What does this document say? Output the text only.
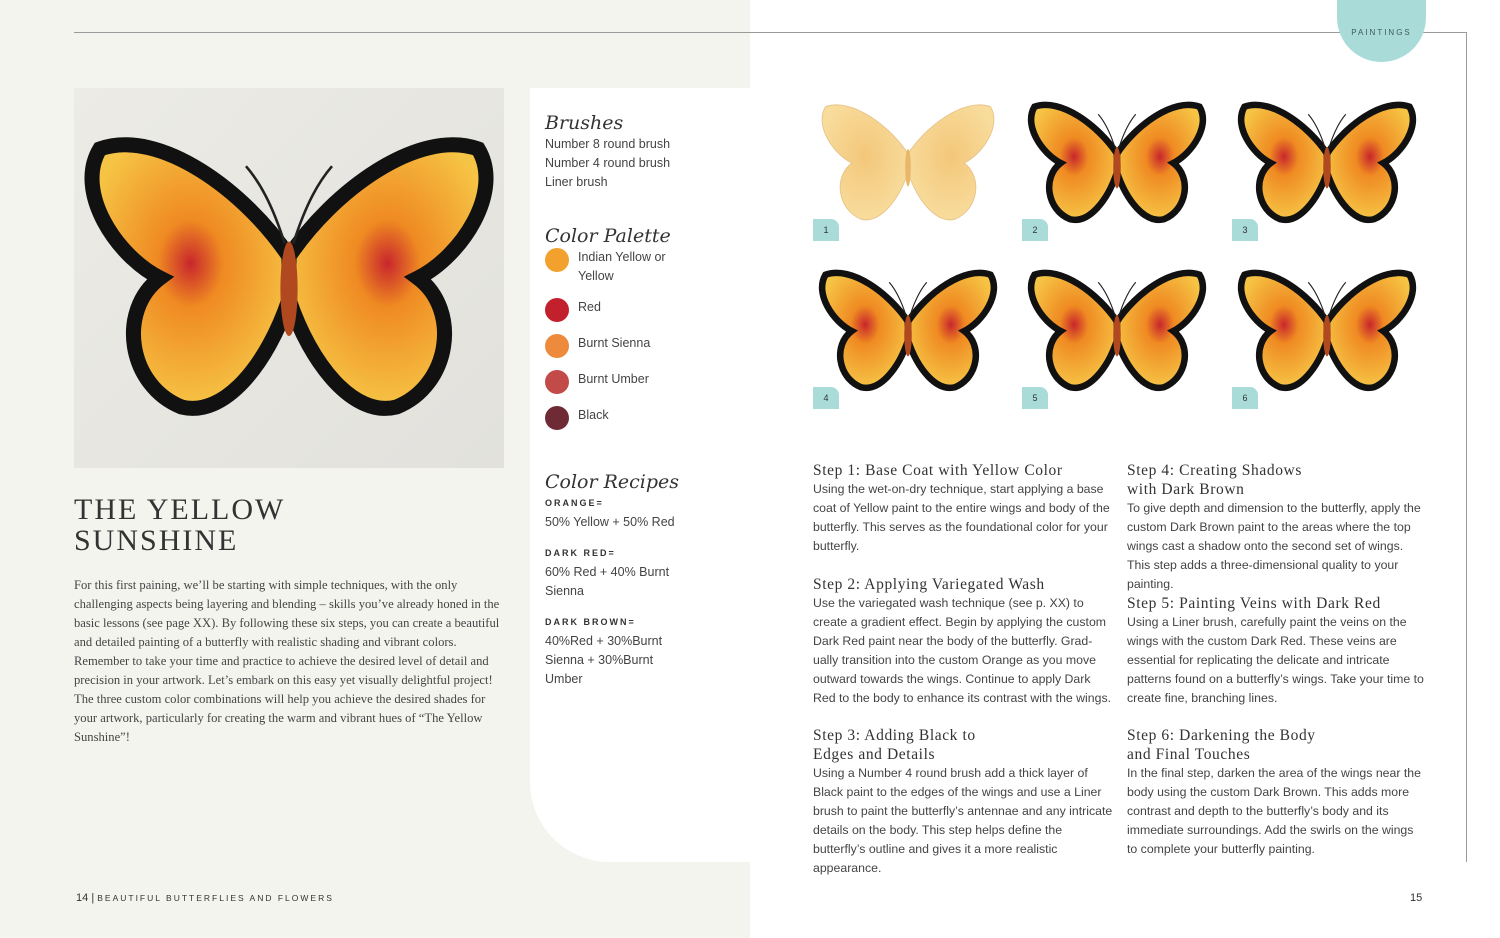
PAINTINGS
THE YELLOW
SUNSHINE

For this first paining, we’ll be starting with simple techniques, with the only challenging aspects being layering and blending – skills you’ve already honed in the basic lessons (see page XX). By following these six steps, you can create a beautiful and detailed painting of a butterfly with realistic shading and vibrant colors. Remember to take your time and practice to achieve the desired level of detail and precision in your artwork. Let’s embark on this easy yet visually delightful project! The three custom color combinations will help you achieve the desired shades for your artwork, particularly for creating the warm and vibrant hues of “The Yellow Sunshine”!

Brushes
Number 8 round brush
Number 4 round brush
Liner brush
Color Palette
Indian Yellow or Yellow
Red
Burnt Sienna
Burnt Umber
Black
Color Recipes
ORANGE=
50% Yellow + 50% Red
DARK RED=
60% Red + 40% Burnt Sienna
DARK BROWN=
40%Red + 30%Burnt Sienna + 30%Burnt Umber
1	2	3
4	5	6
Step 1: Base Coat with Yellow Color

Using the wet-on-dry technique, start applying a base coat of Yellow paint to the entire wings and body of the butterfly. This serves as the foundational color for your butterfly.

Step 2: Applying Variegated Wash

Use the variegated wash technique (see p. XX) to create a gradient effect. Begin by applying the custom Dark Red paint near the body of the butterfly. Gradually transition into the custom Orange as you move outward towards the wings. Continue to apply Dark Red to the body to enhance its contrast with the wings.

Step 3: Adding Black to Edges and Details

Using a Number 4 round brush add a thick layer of Black paint to the edges of the wings and use a Liner brush to paint the butterfly’s antennae and any intricate details on the body. This step helps define the butterfly’s outline and gives it a more realistic appearance.

Step 4: Creating Shadows with Dark Brown

To give depth and dimension to the butterfly, apply the custom Dark Brown paint to the areas where the top wings cast a shadow onto the second set of wings. This step adds a three-dimensional quality to your painting.

Step 5: Painting Veins with Dark Red

Using a Liner brush, carefully paint the veins on the wings with the custom Dark Red. These veins are essential for replicating the delicate and intricate patterns found on a butterfly’s wings. Take your time to create fine, branching lines.

Step 6: Darkening the Body and Final Touches

In the final step, darken the area of the wings near the body using the custom Dark Brown. This adds more contrast and depth to the butterfly’s body and its immediate surroundings. Add the swirls on the wings to complete your butterfly painting.

14 | BEAUTIFUL BUTTERFLIES AND FLOWERS	15
